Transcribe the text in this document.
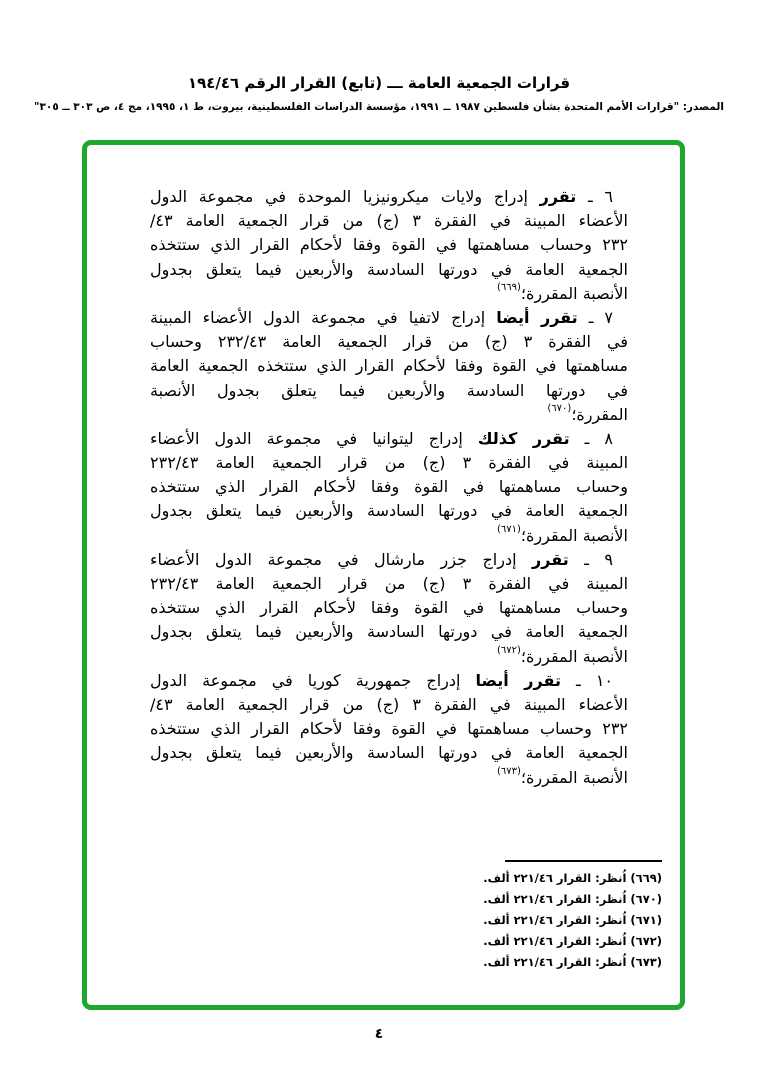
قرارات الجمعية العامة ـــ (تابع) القرار الرقم ١٩٤/٤٦
المصدر: "قرارات الأمم المتحدة بشأن فلسطين ١٩٨٧ ــ ١٩٩١، مؤسسة الدراسات الفلسطينية، بيروت، ط ١، ١٩٩٥، مج ٤، ص ٣٠٣ ــ ٣٠٥"
٦ ـ تقرر إدراج ولايات ميكرونيزيا الموحدة في مجموعة الدول
الأعضاء المبينة في الفقرة ٣ (ج) من قرار الجمعية العامة ٤٣/
٢٣٢ وحساب مساهمتها في القوة وفقا لأحكام القرار الذي ستتخذه
الجمعية العامة في دورتها السادسة والأربعين فيما يتعلق بجدول
الأنصبة المقررة؛$^{(٦٦٩)}$
٧ ـ تقرر أيضا إدراج لاتفيا في مجموعة الدول الأعضاء المبينة
في الفقرة ٣ (ج) من قرار الجمعية العامة ٢٣٢/٤٣ وحساب
مساهمتها في القوة وفقا لأحكام القرار الذي ستتخذه الجمعية العامة
في دورتها السادسة والأربعين فيما يتعلق بجدول الأنصبة
المقررة؛$^{(٦٧٠)}$
٨ ـ تقرر كذلك إدراج ليتوانيا في مجموعة الدول الأعضاء
المبينة في الفقرة ٣ (ج) من قرار الجمعية العامة ٢٣٢/٤٣
وحساب مساهمتها في القوة وفقا لأحكام القرار الذي ستتخذه
الجمعية العامة في دورتها السادسة والأربعين فيما يتعلق بجدول
الأنصبة المقررة؛$^{(٦٧١)}$
٩ ـ تقرر إدراج جزر مارشال في مجموعة الدول الأعضاء
المبينة في الفقرة ٣ (ج) من قرار الجمعية العامة ٢٣٢/٤٣
وحساب مساهمتها في القوة وفقا لأحكام القرار الذي ستتخذه
الجمعية العامة في دورتها السادسة والأربعين فيما يتعلق بجدول
الأنصبة المقررة؛$^{(٦٧٢)}$
١٠ ـ تقرر أيضا إدراج جمهورية كوريا في مجموعة الدول
الأعضاء المبينة في الفقرة ٣ (ج) من قرار الجمعية العامة ٤٣/
٢٣٢ وحساب مساهمتها في القوة وفقا لأحكام القرار الذي ستتخذه
الجمعية العامة في دورتها السادسة والأربعين فيما يتعلق بجدول
الأنصبة المقررة؛$^{(٦٧٣)}$
(٦٦٩) اُنظر: القرار ٢٢١/٤٦ ألف.
(٦٧٠) اُنظر: القرار ٢٢١/٤٦ ألف.
(٦٧١) اُنظر: القرار ٢٢١/٤٦ ألف.
(٦٧٢) اُنظر: القرار ٢٢١/٤٦ ألف.
(٦٧٣) اُنظر: القرار ٢٢١/٤٦ ألف.
٤
